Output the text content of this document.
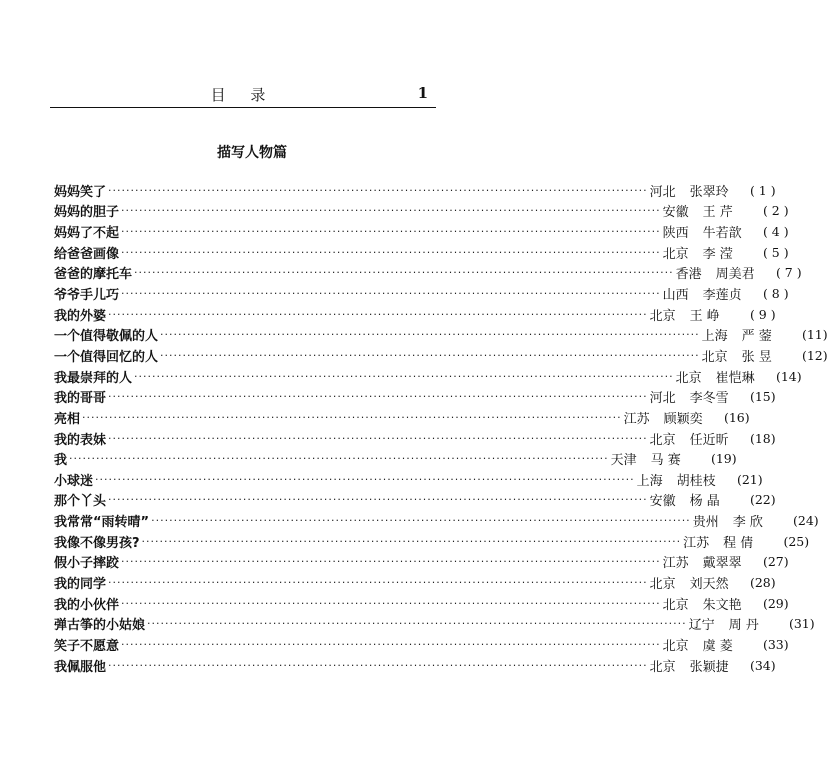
目 录	1
描写人物篇
妈妈笑了 ························································································································ 河北	张翠玲	( 1 )
妈妈的胆子 ························································································································ 安徽	王 芹	( 2 )
妈妈了不起 ························································································································ 陕西	牛若歆	( 4 )
给爸爸画像 ························································································································ 北京	李 滢	( 5 )
爸爸的摩托车 ························································································································ 香港	周美君	( 7 )
爷爷手儿巧 ························································································································ 山西	李莲贞	( 8 )
我的外婆 ························································································································ 北京	王 峥	( 9 )
一个值得敬佩的人 ························································································································ 上海	严 蓥	(11)
一个值得回忆的人 ························································································································ 北京	张 昱	(12)
我最崇拜的人 ························································································································ 北京	崔恺琳	(14)
我的哥哥 ························································································································ 河北	李冬雪	(15)
亮相 ························································································································ 江苏	顾颖奕	(16)
我的表妹 ························································································································ 北京	任近昕	(18)
我 ························································································································ 天津	马 赛	(19)
小球迷 ························································································································ 上海	胡桂枝	(21)
那个丫头 ························································································································ 安徽	杨 晶	(22)
我常常“雨转晴” ························································································································ 贵州	李 欣	(24)
我像不像男孩? ························································································································ 江苏	程 倩	(25)
假小子摔跤 ························································································································ 江苏	戴翠翠	(27)
我的同学 ························································································································ 北京	刘天然	(28)
我的小伙伴 ························································································································ 北京	朱文艳	(29)
弹古筝的小姑娘 ························································································································ 辽宁	周 丹	(31)
笑子不愿意 ························································································································ 北京	虞 菱	(33)
我佩服他 ························································································································ 北京	张颖捷	(34)
